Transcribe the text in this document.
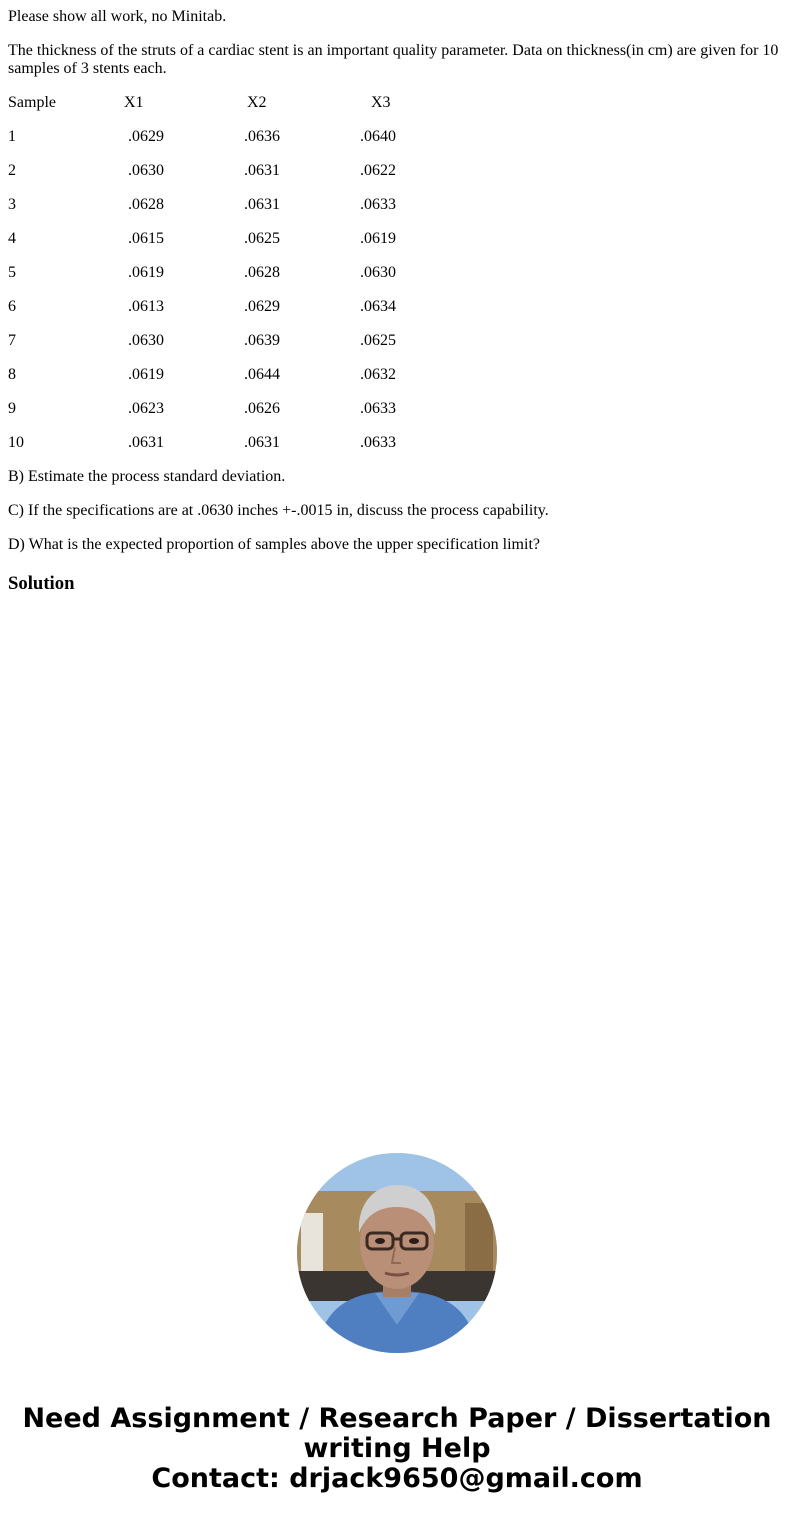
Please show all work, no Minitab.

The thickness of the struts of a cardiac stent is an important quality parameter. Data on thickness(in cm) are given for 10 samples of 3 stents each.

Sample	X1	X2	X3
1	.0629	.0636	.0640
2	.0630	.0631	.0622
3	.0628	.0631	.0633
4	.0615	.0625	.0619
5	.0619	.0628	.0630
6	.0613	.0629	.0634
7	.0630	.0639	.0625
8	.0619	.0644	.0632
9	.0623	.0626	.0633
10	.0631	.0631	.0633

B) Estimate the process standard deviation.

C) If the specifications are at .0630 inches +-.0015 in, discuss the process capability.

D) What is the expected proportion of samples above the upper specification limit?

Solution
Need Assignment / Research Paper / Dissertation
writing Help
Contact: drjack9650@gmail.com
